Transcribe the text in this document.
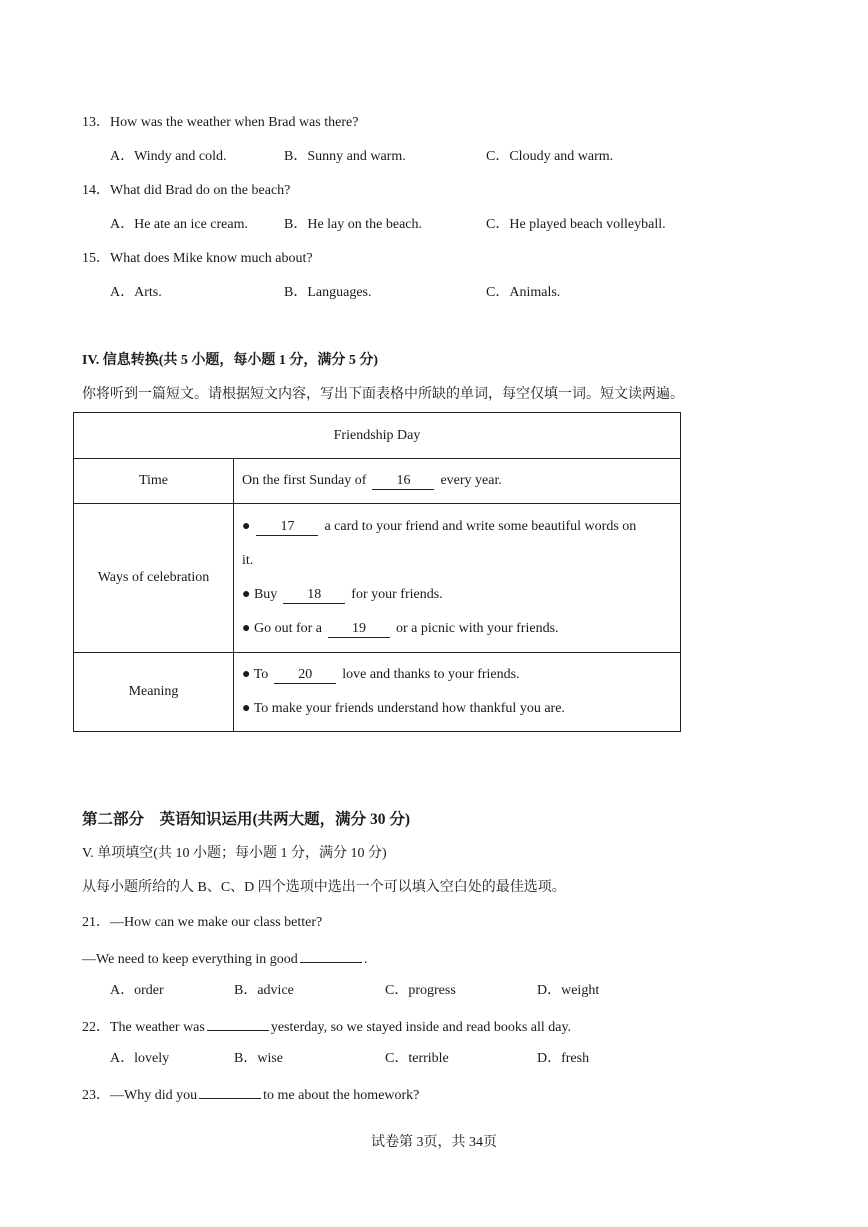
13．How was the weather when Brad was there?
A．Windy and cold.	B．Sunny and warm.	C．Cloudy and warm.
14．What did Brad do on the beach?
A．He ate an ice cream.	B．He lay on the beach.	C．He played beach volleyball.
15．What does Mike know much about?
A．Arts.	B．Languages.	C．Animals.
IV. 信息转换(共 5 小题，每小题 1 分，满分 5 分)
你将听到一篇短文。请根据短文内容，写出下面表格中所缺的单词，每空仅填一词。短文读两遍。
Friendship Day	
Time	On the first Sunday of 16 every year.
Ways of celebration	● 17 a card to your friend and write some beautiful words on
it.
● Buy 18 for your friends.
● Go out for a 19 or a picnic with your friends.

Meaning	● To 20 love and thanks to your friends.
● To make your friends understand how thankful you are.
第二部分　英语知识运用(共两大题，满分 30 分)
V. 单项填空(共 10 小题；每小题 1 分，满分 10 分)
从每小题所给的人 B、C、D 四个选项中选出一个可以填入空白处的最佳选项。
21．—How can we make our class better?
—We need to keep everything in good	.
A．order	B．advice	C．progress	D．weight
22．The weather was	yesterday, so we stayed inside and read books all day.
A．lovely	B．wise	C．terrible	D．fresh
23．—Why did you	to me about the homework?
试卷第 3页，共 34页
